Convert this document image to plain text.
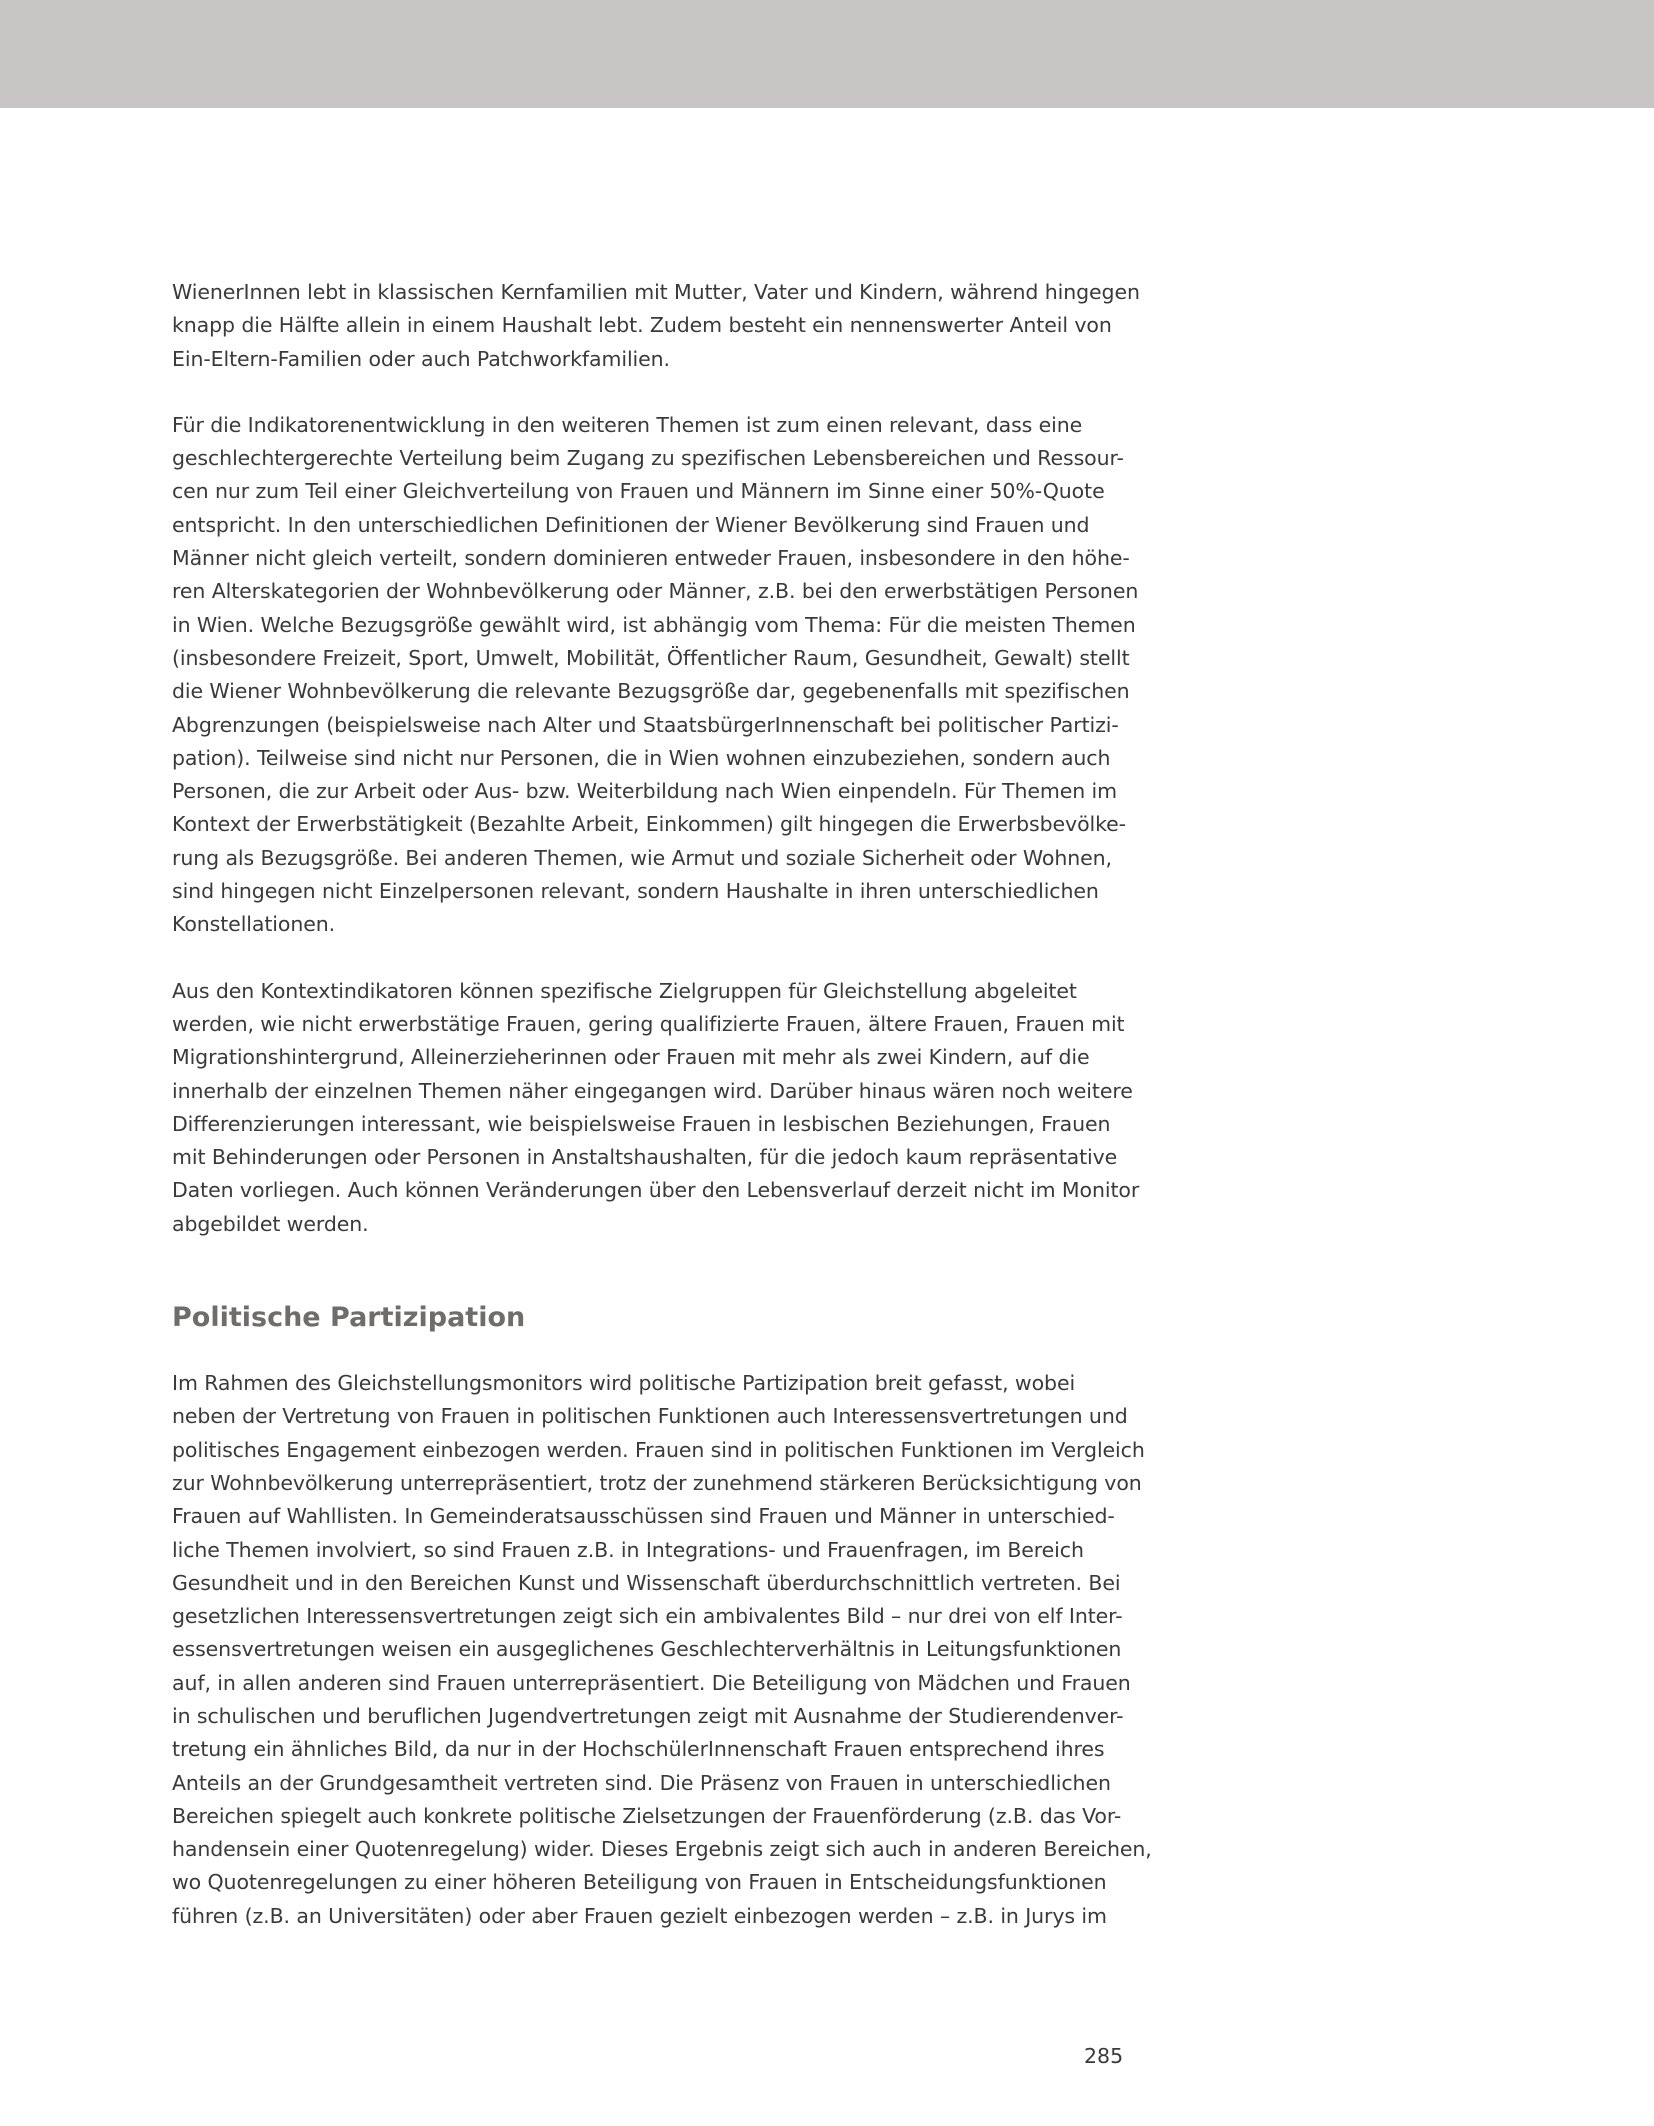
WienerInnen lebt in klassischen Kernfamilien mit Mutter, Vater und Kindern, während hingegen
knapp die Hälfte allein in einem Haushalt lebt. Zudem besteht ein nennenswerter Anteil von
Ein-Eltern-Familien oder auch Patchworkfamilien.
Für die Indikatorenentwicklung in den weiteren Themen ist zum einen relevant, dass eine
geschlechtergerechte Verteilung beim Zugang zu spezifischen Lebensbereichen und Ressour-
cen nur zum Teil einer Gleichverteilung von Frauen und Männern im Sinne einer 50%-Quote
entspricht. In den unterschiedlichen Definitionen der Wiener Bevölkerung sind Frauen und
Männer nicht gleich verteilt, sondern dominieren entweder Frauen, insbesondere in den höhe-
ren Alterskategorien der Wohnbevölkerung oder Männer, z.B. bei den erwerbstätigen Personen
in Wien. Welche Bezugsgröße gewählt wird, ist abhängig vom Thema: Für die meisten Themen
(insbesondere Freizeit, Sport, Umwelt, Mobilität, Öffentlicher Raum, Gesundheit, Gewalt) stellt
die Wiener Wohnbevölkerung die relevante Bezugsgröße dar, gegebenenfalls mit spezifischen
Abgrenzungen (beispielsweise nach Alter und StaatsbürgerInnenschaft bei politischer Partizi-
pation). Teilweise sind nicht nur Personen, die in Wien wohnen einzubeziehen, sondern auch
Personen, die zur Arbeit oder Aus- bzw. Weiterbildung nach Wien einpendeln. Für Themen im
Kontext der Erwerbstätigkeit (Bezahlte Arbeit, Einkommen) gilt hingegen die Erwerbsbevölke-
rung als Bezugsgröße. Bei anderen Themen, wie Armut und soziale Sicherheit oder Wohnen,
sind hingegen nicht Einzelpersonen relevant, sondern Haushalte in ihren unterschiedlichen
Konstellationen.
Aus den Kontextindikatoren können spezifische Zielgruppen für Gleichstellung abgeleitet
werden, wie nicht erwerbstätige Frauen, gering qualifizierte Frauen, ältere Frauen, Frauen mit
Migrationshintergrund, Alleinerzieherinnen oder Frauen mit mehr als zwei Kindern, auf die
innerhalb der einzelnen Themen näher eingegangen wird. Darüber hinaus wären noch weitere
Differenzierungen interessant, wie beispielsweise Frauen in lesbischen Beziehungen, Frauen
mit Behinderungen oder Personen in Anstaltshaushalten, für die jedoch kaum repräsentative
Daten vorliegen. Auch können Veränderungen über den Lebensverlauf derzeit nicht im Monitor
abgebildet werden.
Politische Partizipation
Im Rahmen des Gleichstellungsmonitors wird politische Partizipation breit gefasst, wobei
neben der Vertretung von Frauen in politischen Funktionen auch Interessensvertretungen und
politisches Engagement einbezogen werden. Frauen sind in politischen Funktionen im Vergleich
zur Wohnbevölkerung unterrepräsentiert, trotz der zunehmend stärkeren Berücksichtigung von
Frauen auf Wahllisten. In Gemeinderatsausschüssen sind Frauen und Männer in unterschied-
liche Themen involviert, so sind Frauen z.B. in Integrations- und Frauenfragen, im Bereich
Gesundheit und in den Bereichen Kunst und Wissenschaft überdurchschnittlich vertreten. Bei
gesetzlichen Interessensvertretungen zeigt sich ein ambivalentes Bild – nur drei von elf Inter-
essensvertretungen weisen ein ausgeglichenes Geschlechterverhältnis in Leitungsfunktionen
auf, in allen anderen sind Frauen unterrepräsentiert. Die Beteiligung von Mädchen und Frauen
in schulischen und beruflichen Jugendvertretungen zeigt mit Ausnahme der Studierendenver-
tretung ein ähnliches Bild, da nur in der HochschülerInnenschaft Frauen entsprechend ihres
Anteils an der Grundgesamtheit vertreten sind. Die Präsenz von Frauen in unterschiedlichen
Bereichen spiegelt auch konkrete politische Zielsetzungen der Frauenförderung (z.B. das Vor-
handensein einer Quotenregelung) wider. Dieses Ergebnis zeigt sich auch in anderen Bereichen,
wo Quotenregelungen zu einer höheren Beteiligung von Frauen in Entscheidungsfunktionen
führen (z.B. an Universitäten) oder aber Frauen gezielt einbezogen werden – z.B. in Jurys im
285
